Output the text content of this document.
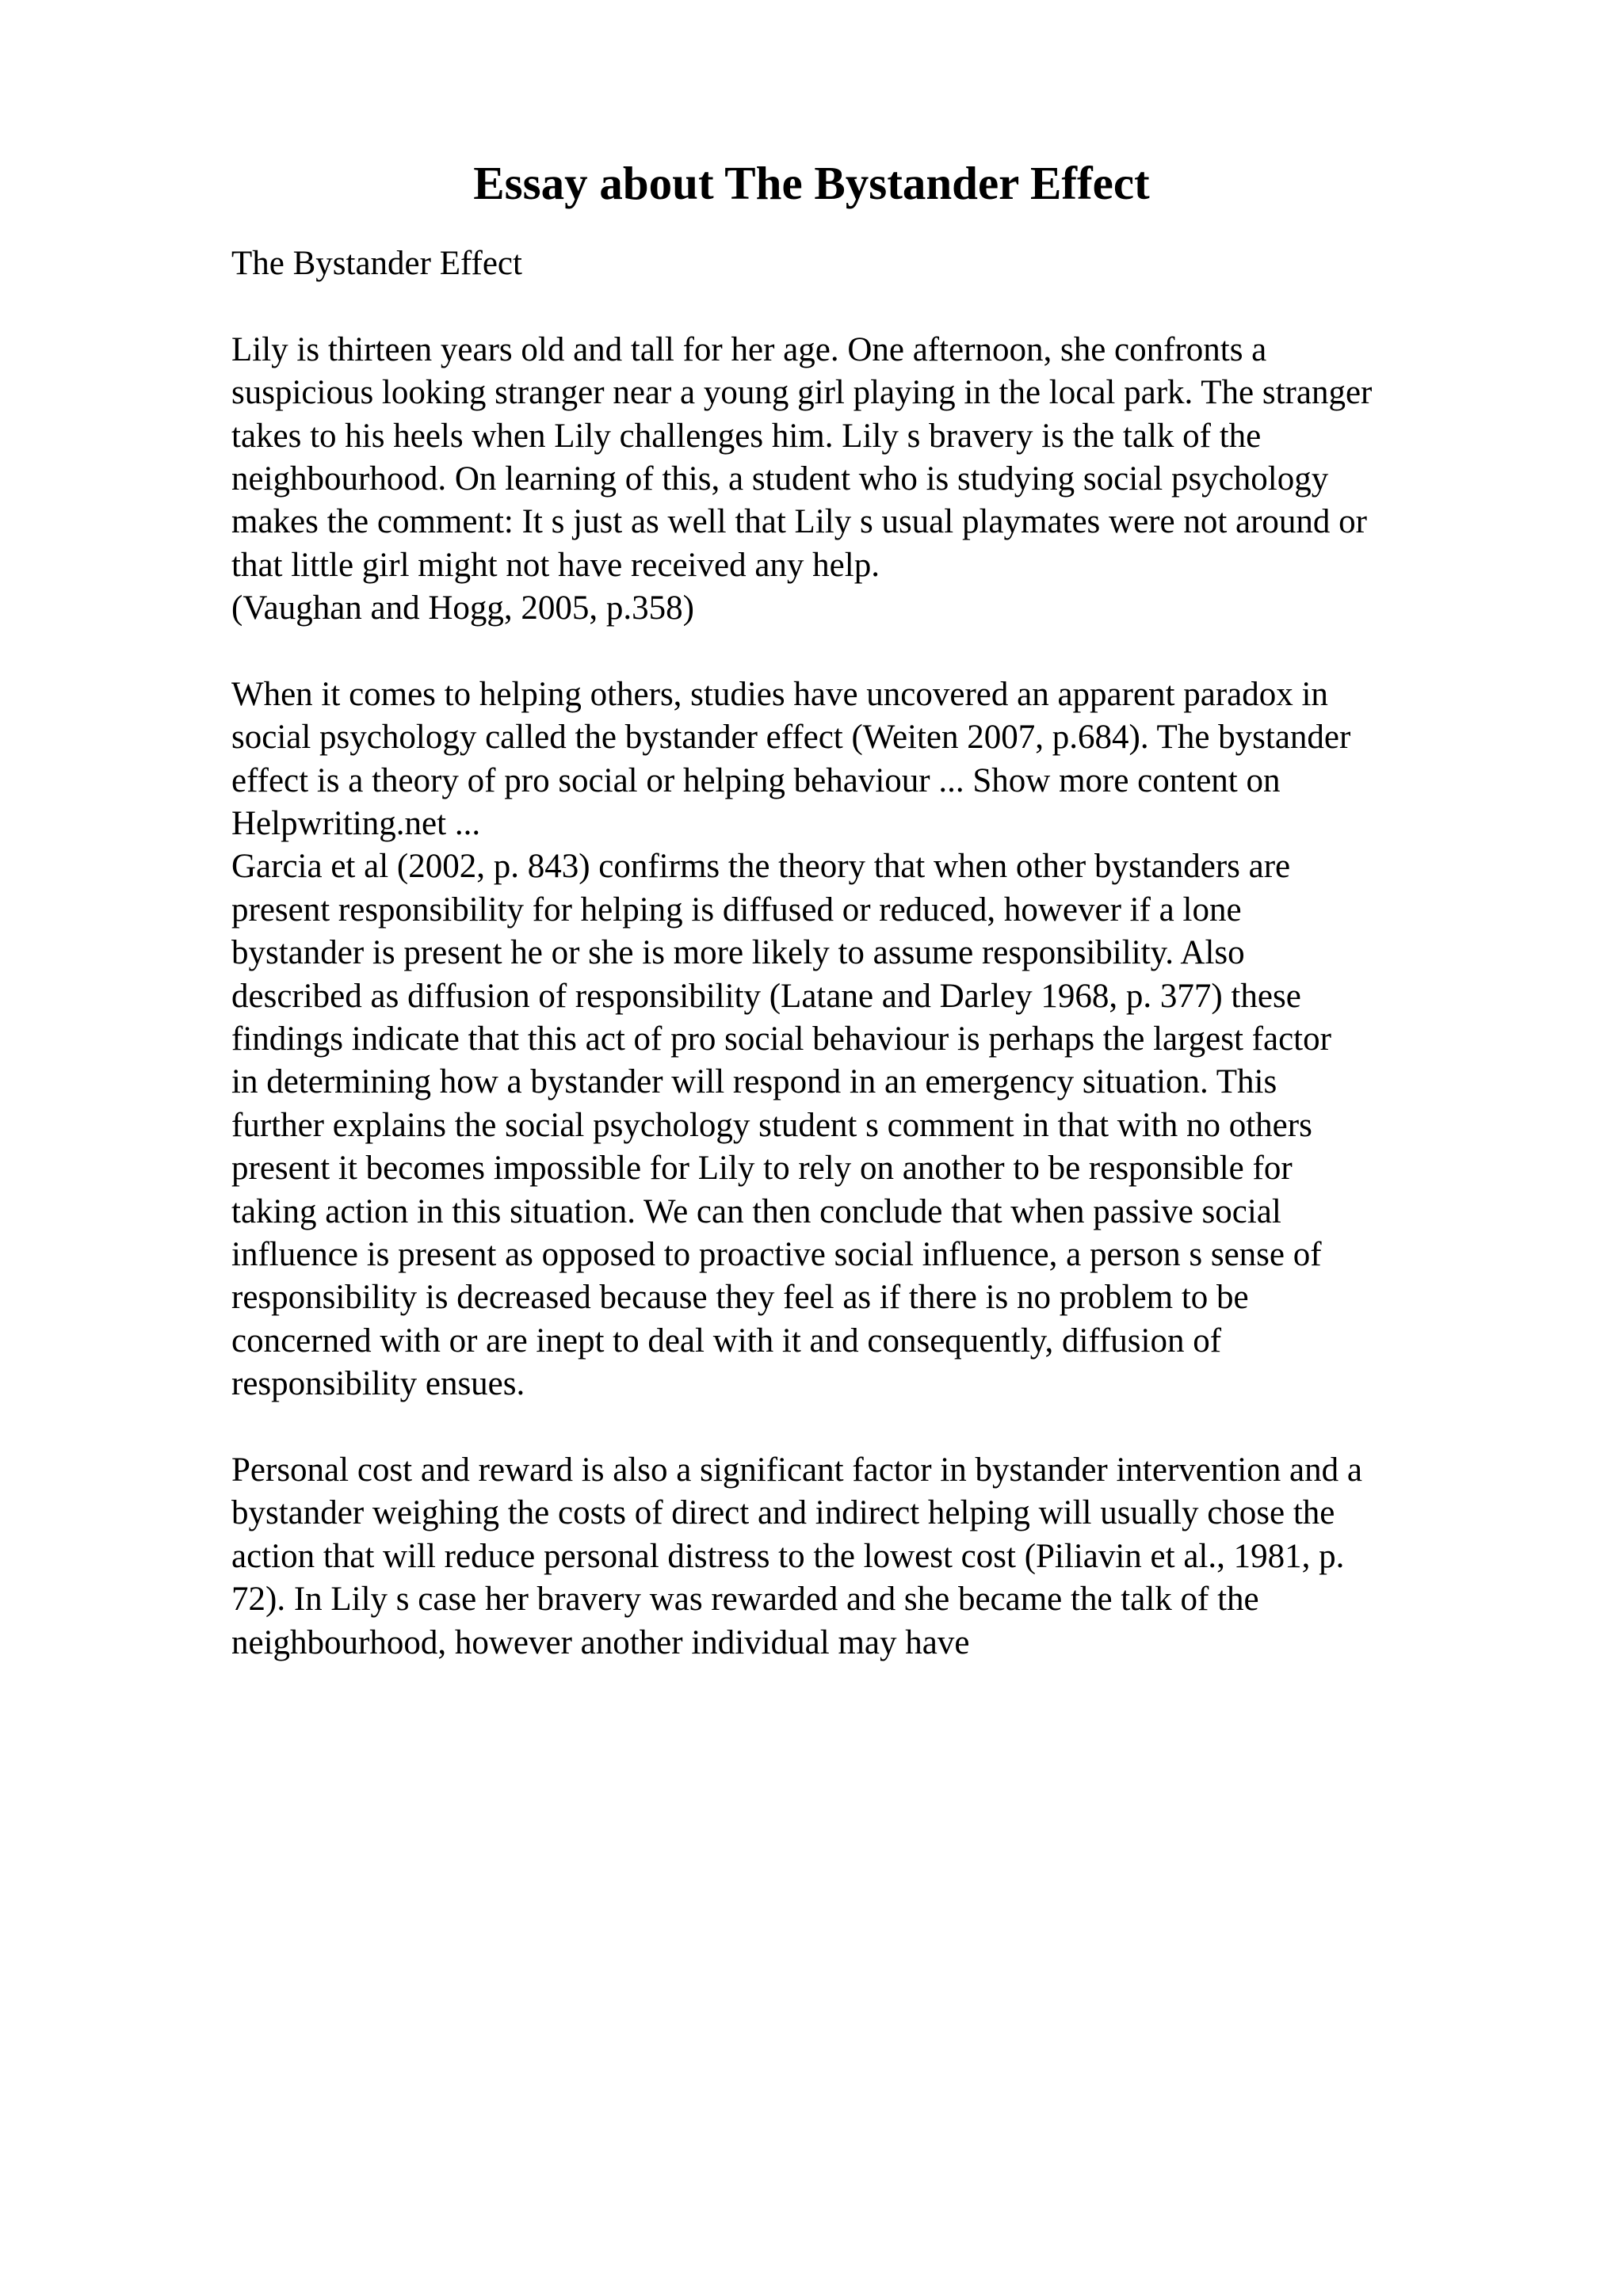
Essay about The Bystander Effect
The Bystander Effect
Lily is thirteen years old and tall for her age. One afternoon, she confronts a
suspicious looking stranger near a young girl playing in the local park. The stranger
takes to his heels when Lily challenges him. Lily s bravery is the talk of the
neighbourhood. On learning of this, a student who is studying social psychology
makes the comment: It s just as well that Lily s usual playmates were not around or
that little girl might not have received any help.
(Vaughan and Hogg, 2005, p.358)
When it comes to helping others, studies have uncovered an apparent paradox in
social psychology called the bystander effect (Weiten 2007, p.684). The bystander
effect is a theory of pro social or helping behaviour ... Show more content on
Helpwriting.net ...
Garcia et al (2002, p. 843) confirms the theory that when other bystanders are
present responsibility for helping is diffused or reduced, however if a lone
bystander is present he or she is more likely to assume responsibility. Also
described as diffusion of responsibility (Latane and Darley 1968, p. 377) these
findings indicate that this act of pro social behaviour is perhaps the largest factor
in determining how a bystander will respond in an emergency situation. This
further explains the social psychology student s comment in that with no others
present it becomes impossible for Lily to rely on another to be responsible for
taking action in this situation. We can then conclude that when passive social
influence is present as opposed to proactive social influence, a person s sense of
responsibility is decreased because they feel as if there is no problem to be
concerned with or are inept to deal with it and consequently, diffusion of
responsibility ensues.
Personal cost and reward is also a significant factor in bystander intervention and a
bystander weighing the costs of direct and indirect helping will usually chose the
action that will reduce personal distress to the lowest cost (Piliavin et al., 1981, p.
72). In Lily s case her bravery was rewarded and she became the talk of the
neighbourhood, however another individual may have
